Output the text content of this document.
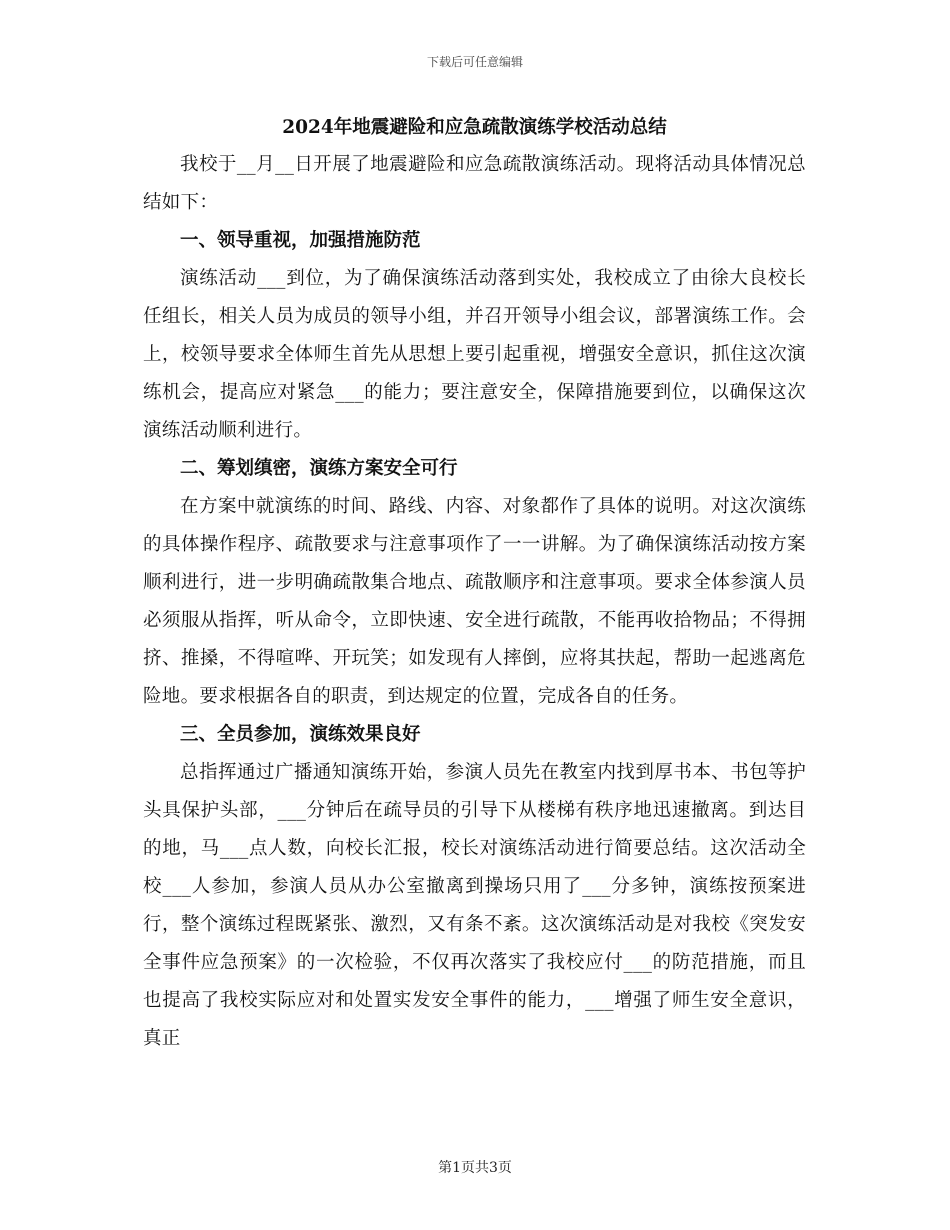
下载后可任意编辑
2024年地震避险和应急疏散演练学校活动总结

我校于__月__日开展了地震避险和应急疏散演练活动。现将活动具体情况总结如下：

一、领导重视，加强措施防范

演练活动___到位，为了确保演练活动落到实处，我校成立了由徐大良校长任组长，相关人员为成员的领导小组，并召开领导小组会议，部署演练工作。会上，校领导要求全体师生首先从思想上要引起重视，增强安全意识，抓住这次演练机会，提高应对紧急___的能力；要注意安全，保障措施要到位，以确保这次演练活动顺利进行。

二、筹划缜密，演练方案安全可行

在方案中就演练的时间、路线、内容、对象都作了具体的说明。对这次演练的具体操作程序、疏散要求与注意事项作了一一讲解。为了确保演练活动按方案顺利进行，进一步明确疏散集合地点、疏散顺序和注意事项。要求全体参演人员必须服从指挥，听从命令，立即快速、安全进行疏散，不能再收拾物品；不得拥挤、推搡，不得喧哗、开玩笑；如发现有人摔倒，应将其扶起，帮助一起逃离危险地。要求根据各自的职责，到达规定的位置，完成各自的任务。

三、全员参加，演练效果良好

总指挥通过广播通知演练开始，参演人员先在教室内找到厚书本、书包等护头具保护头部，___分钟后在疏导员的引导下从楼梯有秩序地迅速撤离。到达目的地，马___点人数，向校长汇报，校长对演练活动进行简要总结。这次活动全校___人参加，参演人员从办公室撤离到操场只用了___分多钟，演练按预案进行，整个演练过程既紧张、激烈，又有条不紊。这次演练活动是对我校《突发安全事件应急预案》的一次检验，不仅再次落实了我校应付___的防范措施，而且也提高了我校实际应对和处置实发安全事件的能力，___增强了师生安全意识，真正

第1页共3页
